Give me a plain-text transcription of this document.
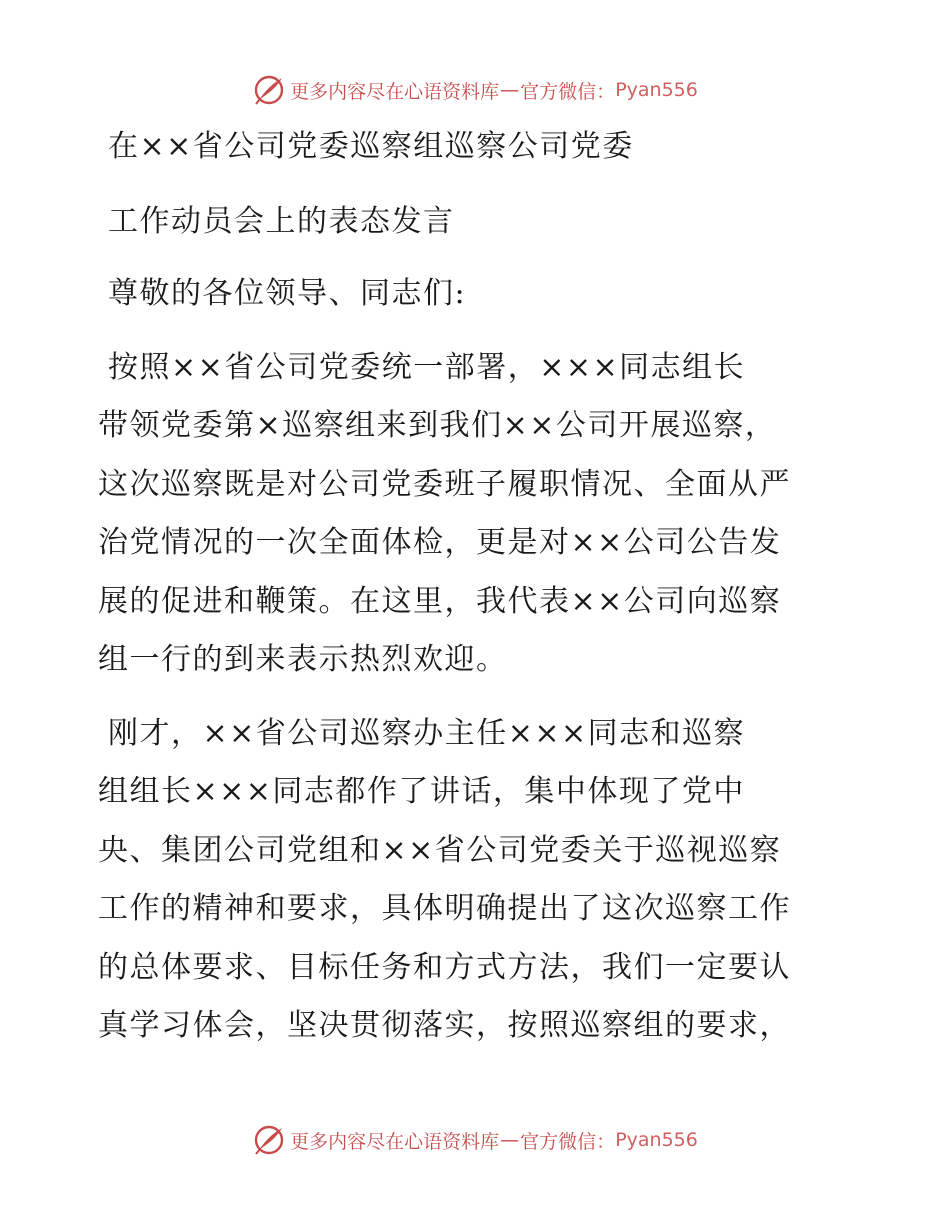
更多内容尽在心语资料库 — 官方微信： Pyan556
在××省公司党委巡察组巡察公司党委
工作动员会上的表态发言
尊敬的各位领导、同志们:
按照××省公司党委统一部署，×××同志组长
带领党委第×巡察组来到我们××公司开展巡察，
这次巡察既是对公司党委班子履职情况、全面从严
治党情况的一次全面体检，更是对××公司公告发
展的促进和鞭策。在这里，我代表××公司向巡察
组一行的到来表示热烈欢迎。
刚才，××省公司巡察办主任×××同志和巡察
组组长×××同志都作了讲话，集中体现了党中
央、集团公司党组和××省公司党委关于巡视巡察
工作的精神和要求，具体明确提出了这次巡察工作
的总体要求、目标任务和方式方法，我们一定要认
真学习体会，坚决贯彻落实，按照巡察组的要求，
更多内容尽在心语资料库 — 官方微信： Pyan556
